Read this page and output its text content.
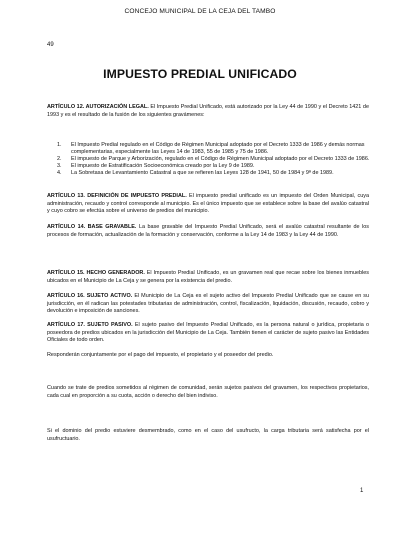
CONCEJO MUNICIPAL DE LA CEJA DEL TAMBO
49
IMPUESTO PREDIAL UNIFICADO
ARTÍCULO 12. AUTORIZACIÓN LEGAL. El Impuesto Predial Unificado, está autorizado por la Ley 44 de 1990 y el Decreto 1421 de 1993 y es el resultado de la fusión de los siguientes gravámenes:
1. El Impuesto Predial regulado en el Código de Régimen Municipal adoptado por el Decreto 1333 de 1986 y demás normas complementarias, especialmente las Leyes 14 de 1983, 55 de 1985 y 75 de 1986.
2. El impuesto de Parque y Arborización, regulado en el Código de Régimen Municipal adoptado por el Decreto 1333 de 1986.
3. El impuesto de Estratificación Socioeconómica creado por la Ley 9 de 1989.
4. La Sobretasa de Levantamiento Catastral a que se refieren las Leyes 128 de 1941, 50 de 1984 y 9ª de 1989.
ARTÍCULO 13. DEFINICIÓN DE IMPUESTO PREDIAL. El impuesto predial unificado es un impuesto del Orden Municipal, cuya administración, recaudo y control corresponde al municipio. Es el único impuesto que se establece sobre la base del avalúo catastral y cuyo cobro se efectúa sobre el universo de predios del municipio.
ARTÍCULO 14. BASE GRAVABLE. La base gravable del Impuesto Predial Unificado, será el avalúo catastral resultante de los procesos de formación, actualización de la formación y conservación, conforme a la Ley 14 de 1983 y la Ley 44 de 1990.
ARTÍCULO 15. HECHO GENERADOR. El Impuesto Predial Unificado, es un gravamen real que recae sobre los bienes inmuebles ubicados en el Municipio de La Ceja y se genera por la existencia del predio.
ARTÍCULO 16. SUJETO ACTIVO. El Municipio de La Ceja es el sujeto activo del Impuesto Predial Unificado que se cause en su jurisdicción, en él radican las potestades tributarias de administración, control, fiscalización, liquidación, discusión, recaudo, cobro y devolución e imposición de sanciones.
ARTÍCULO 17. SUJETO PASIVO. El sujeto pasivo del Impuesto Predial Unificado, es la persona natural o jurídica, propietaria o poseedora de predios ubicados en la jurisdicción del Municipio de La Ceja. También tienen el carácter de sujeto pasivo las Entidades Oficiales de todo orden.
Responderán conjuntamente por el pago del impuesto, el propietario y el poseedor del predio.
Cuando se trate de predios sometidos al régimen de comunidad, serán sujetos pasivos del gravamen, los respectivos propietarios, cada cual en proporción a su cuota, acción o derecho del bien indiviso.
Si el dominio del predio estuviere desmembrado, como en el caso del usufructo, la carga tributaria será satisfecha por el usufructuario.
1
